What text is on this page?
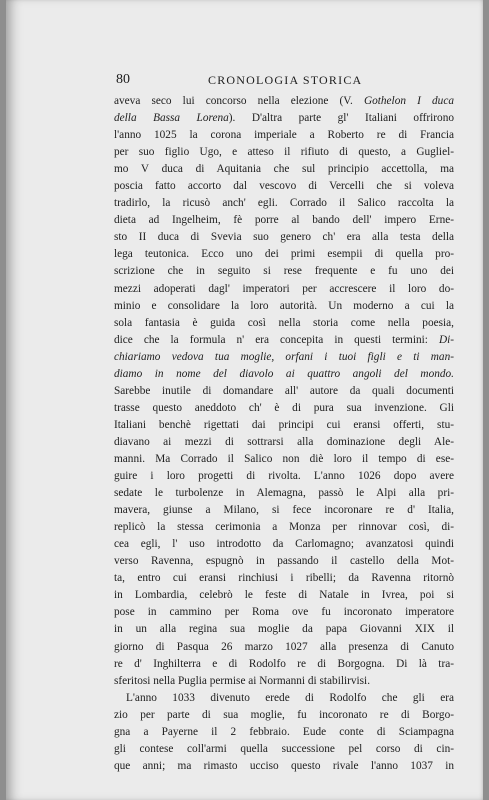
80	CRONOLOGIA STORICA
aveva seco lui concorso nella elezione (V. Gothelon I duca
della Bassa Lorena). D'altra parte gl' Italiani offrirono
l'anno 1025 la corona imperiale a Roberto re di Francia
per suo figlio Ugo, e atteso il rifiuto di questo, a Gugliel-
mo V duca di Aquitania che sul principio accettolla, ma
poscia fatto accorto dal vescovo di Vercelli che si voleva
tradirlo, la ricusò anch' egli. Corrado il Salico raccolta la
dieta ad Ingelheim, fè porre al bando dell' impero Erne-
sto II duca di Svevia suo genero ch' era alla testa della
lega teutonica. Ecco uno dei primi esempii di quella pro-
scrizione che in seguito si rese frequente e fu uno dei
mezzi adoperati dagl' imperatori per accrescere il loro do-
minio e consolidare la loro autorità. Un moderno a cui la
sola fantasia è guida così nella storia come nella poesia,
dice che la formula n' era concepita in questi termini: Di-
chiariamo vedova tua moglie, orfani i tuoi figli e ti man-
diamo in nome del diavolo ai quattro angoli del mondo.
Sarebbe inutile di domandare all' autore da quali documenti
trasse questo aneddoto ch' è di pura sua invenzione. Gli
Italiani benchè rigettati dai principi cui eransi offerti, stu-
diavano ai mezzi di sottrarsi alla dominazione degli Ale-
manni. Ma Corrado il Salico non diè loro il tempo di ese-
guire i loro progetti di rivolta. L'anno 1026 dopo avere
sedate le turbolenze in Alemagna, passò le Alpi alla pri-
mavera, giunse a Milano, si fece incoronare re d' Italia,
replicò la stessa cerimonia a Monza per rinnovar così, di-
cea egli, l' uso introdotto da Carlomagno; avanzatosi quindi
verso Ravenna, espugnò in passando il castello della Mot-
ta, entro cui eransi rinchiusi i ribelli; da Ravenna ritornò
in Lombardia, celebrò le feste di Natale in Ivrea, poi si
pose in cammino per Roma ove fu incoronato imperatore
in un alla regina sua moglie da papa Giovanni XIX il
giorno di Pasqua 26 marzo 1027 alla presenza di Canuto
re d' Inghilterra e di Rodolfo re di Borgogna. Di là tra-
sferitosi nella Puglia permise ai Normanni di stabilirvisi.
L'anno 1033 divenuto erede di Rodolfo che gli era
zio per parte di sua moglie, fu incoronato re di Borgo-
gna a Payerne il 2 febbraio. Eude conte di Sciampagna
gli contese coll'armi quella successione pel corso di cin-
que anni; ma rimasto ucciso questo rivale l'anno 1037 in
